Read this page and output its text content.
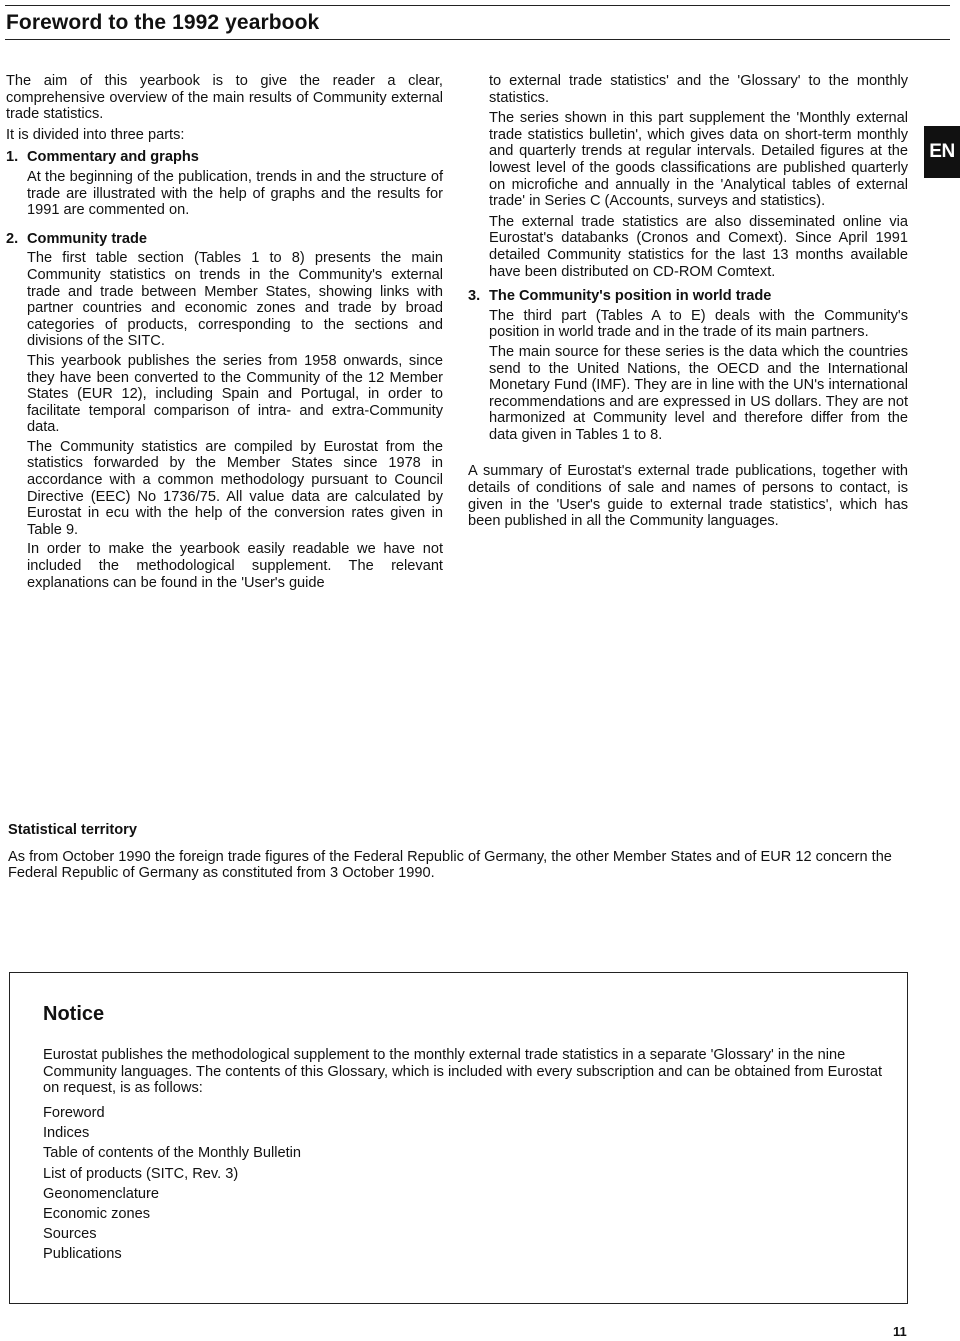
Foreword to the 1992 yearbook

The aim of this yearbook is to give the reader a clear, comprehensive overview of the main results of Community external trade statistics.

It is divided into three parts:

1. Commentary and graphs

At the beginning of the publication, trends in and the structure of trade are illustrated with the help of graphs and the results for 1991 are commented on.

2. Community trade

The first table section (Tables 1 to 8) presents the main Community statistics on trends in the Community's external trade and trade between Member States, showing links with partner countries and economic zones and trade by broad categories of products, corresponding to the sections and divisions of the SITC.

This yearbook publishes the series from 1958 onwards, since they have been converted to the Community of the 12 Member States (EUR 12), including Spain and Portugal, in order to facilitate temporal comparison of intra- and extra-Community data.

The Community statistics are compiled by Eurostat from the statistics forwarded by the Member States since 1978 in accordance with a common methodology pursuant to Council Directive (EEC) No 1736/75. All value data are calculated by Eurostat in ecu with the help of the conversion rates given in Table 9.

In order to make the yearbook easily readable we have not included the methodological supplement. The relevant explanations can be found in the 'User's guide

to external trade statistics' and the 'Glossary' to the monthly statistics.

The series shown in this part supplement the 'Monthly external trade statistics bulletin', which gives data on short-term monthly and quarterly trends at regular intervals. Detailed figures at the lowest level of the goods classifications are published quarterly on microfiche and annually in the 'Analytical tables of external trade' in Series C (Accounts, surveys and statistics).

The external trade statistics are also disseminated online via Eurostat's databanks (Cronos and Comext). Since April 1991 detailed Community statistics for the last 13 months available have been distributed on CD-ROM Comtext.

3. The Community's position in world trade

The third part (Tables A to E) deals with the Community's position in world trade and in the trade of its main partners.

The main source for these series is the data which the countries send to the United Nations, the OECD and the International Monetary Fund (IMF). They are in line with the UN's international recommendations and are expressed in US dollars. They are not harmonized at Community level and therefore differ from the data given in Tables 1 to 8.

A summary of Eurostat's external trade publications, together with details of conditions of sale and names of persons to contact, is given in the 'User's guide to external trade statistics', which has been published in all the Community languages.

EN

Statistical territory

As from October 1990 the foreign trade figures of the Federal Republic of Germany, the other Member States and of EUR 12 concern the Federal Republic of Germany as constituted from 3 October 1990.

Notice

Eurostat publishes the methodological supplement to the monthly external trade statistics in a separate 'Glossary' in the nine Community languages. The contents of this Glossary, which is included with every subscription and can be obtained from Eurostat on request, is as follows:

Foreword
Indices
Table of contents of the Monthly Bulletin
List of products (SITC, Rev. 3)
Geonomenclature
Economic zones
Sources
Publications
11
